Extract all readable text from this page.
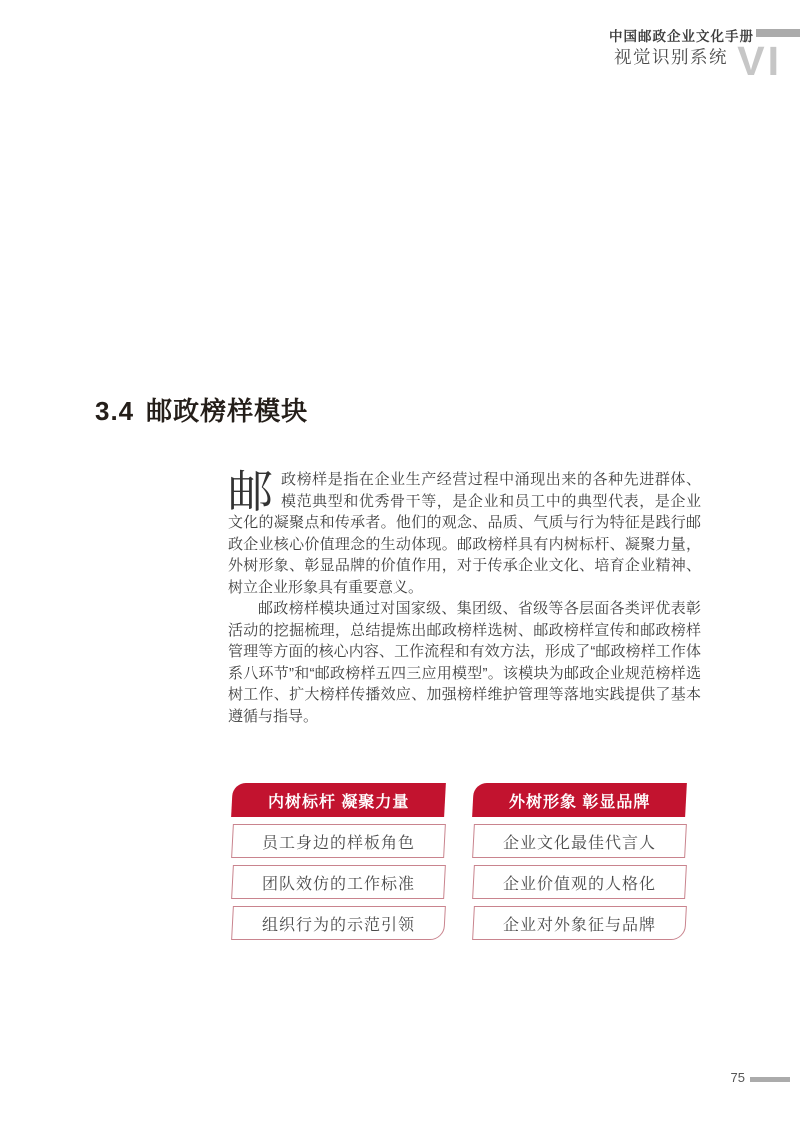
中国邮政企业文化手册
视觉识别系统 VI
3.4 邮政榜样模块

邮政榜样是指在企业生产经营过程中涌现出来的各种先进群体、模范典型和优秀骨干等，是企业和员工中的典型代表，是企业文化的凝聚点和传承者。他们的观念、品质、气质与行为特征是践行邮政企业核心价值理念的生动体现。邮政榜样具有内树标杆、凝聚力量，外树形象、彰显品牌的价值作用，对于传承企业文化、培育企业精神、树立企业形象具有重要意义。

邮政榜样模块通过对国家级、集团级、省级等各层面各类评优表彰活动的挖掘梳理，总结提炼出邮政榜样选树、邮政榜样宣传和邮政榜样管理等方面的核心内容、工作流程和有效方法，形成了“邮政榜样工作体系八环节”和“邮政榜样五四三应用模型”。该模块为邮政企业规范榜样选树工作、扩大榜样传播效应、加强榜样维护管理等落地实践提供了基本遵循与指导。

内树标杆 凝聚力量
员工身边的样板角色
团队效仿的工作标准
组织行为的示范引领
外树形象 彰显品牌
企业文化最佳代言人
企业价值观的人格化
企业对外象征与品牌
75
